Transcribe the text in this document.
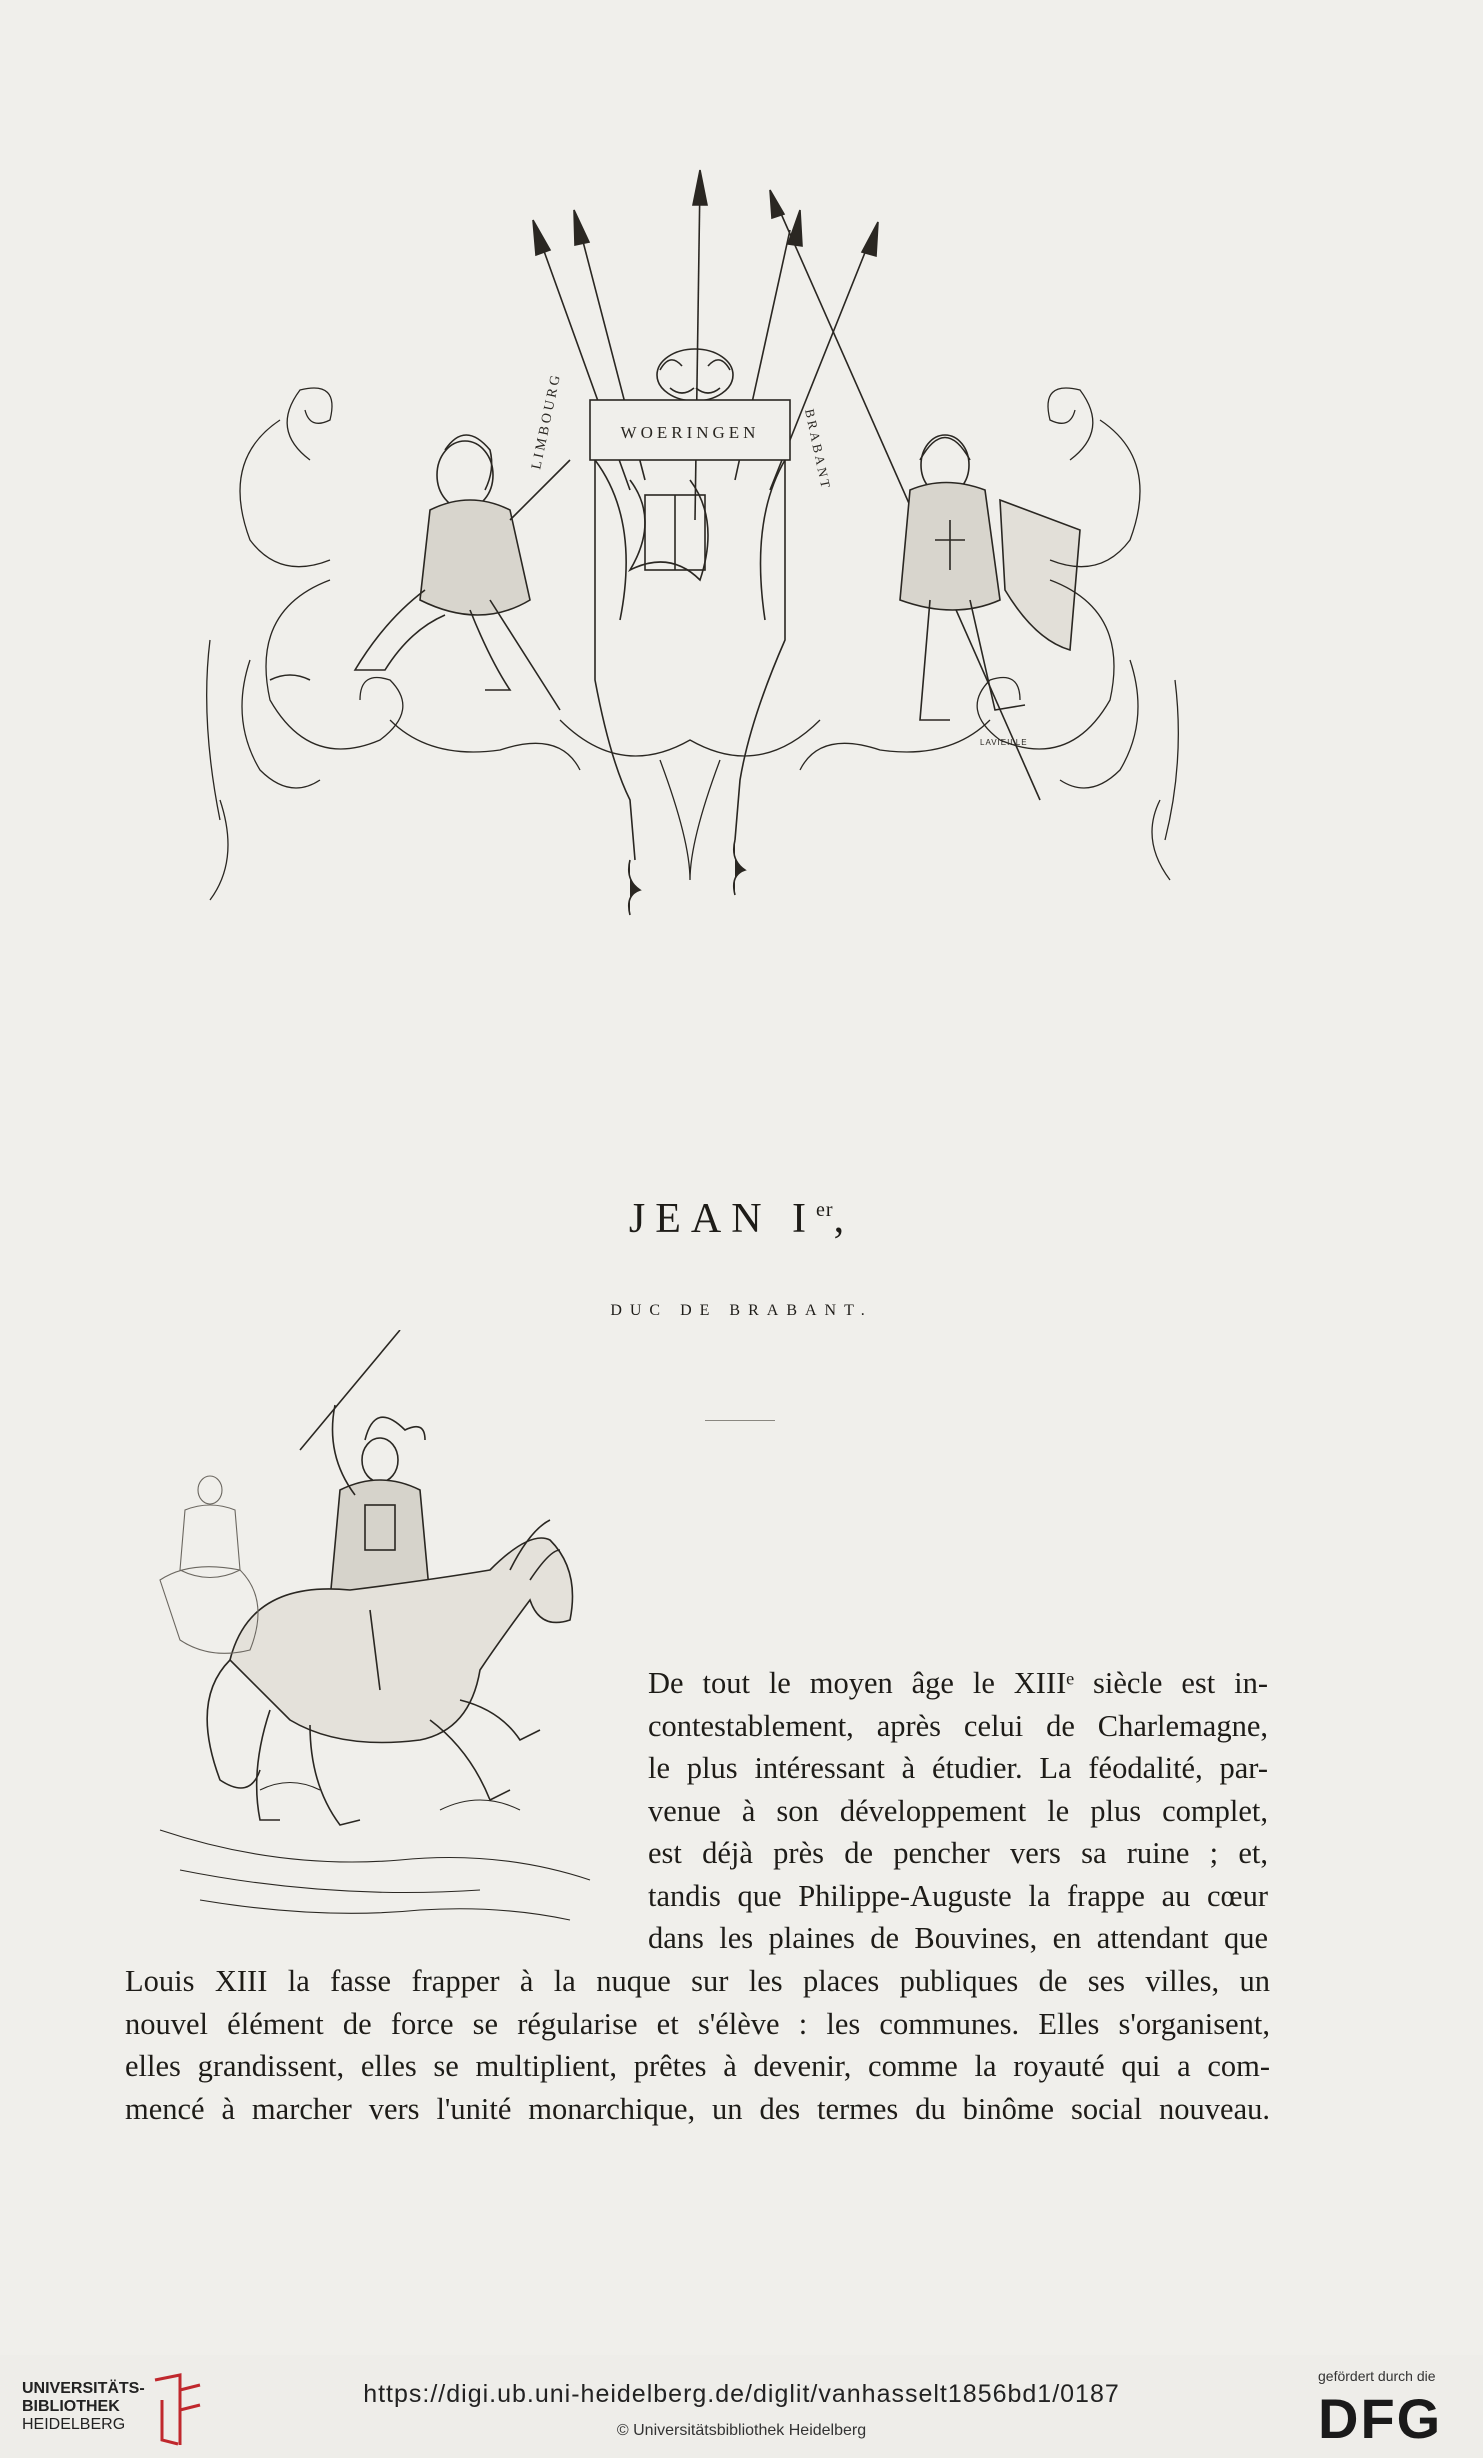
WOERINGEN
LIMBOURG	BRABANT
LAVIEILLE
JEAN Ier,
DUC DE BRABANT.
De tout le moyen âge le XIIIᵉ siècle est in-
contestablement, après celui de Charlemagne,
le plus intéressant à étudier. La féodalité, par-
venue à son développement le plus complet,
est déjà près de pencher vers sa ruine ; et,
tandis que Philippe-Auguste la frappe au cœur
dans les plaines de Bouvines, en attendant que
Louis XIII la fasse frapper à la nuque sur les places publiques de ses villes, un
nouvel élément de force se régularise et s'élève : les communes. Elles s'organisent,
elles grandissent, elles se multiplient, prêtes à devenir, comme la royauté qui a com-
mencé à marcher vers l'unité monarchique, un des termes du binôme social nouveau.
UNIVERSITÄTS-
BIBLIOTHEK
HEIDELBERG
https://digi.ub.uni-heidelberg.de/diglit/vanhasselt1856bd1/0187
© Universitätsbibliothek Heidelberg
gefördert durch die
DFG
